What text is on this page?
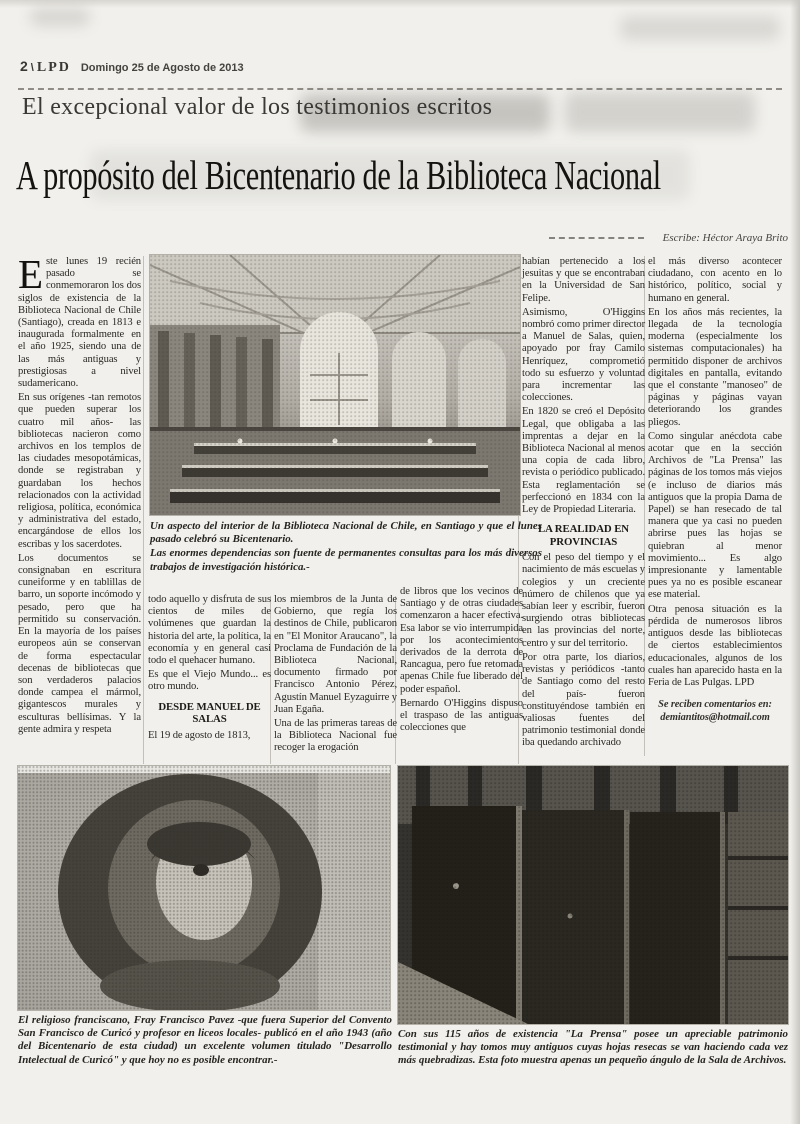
2 \ LPD Domingo 25 de Agosto de 2013
El excepcional valor de los testimonios escritos
A propósito del Bicentenario de la Biblioteca Nacional
Escribe: Héctor Araya Brito

Este lunes 19 recién pasado se conmemoraron los dos siglos de existencia de la Biblioteca Nacional de Chile (Santiago), creada en 1813 e inaugurada formalmente en el año 1925, siendo una de las más antiguas y prestigiosas a nivel sudamericano.

En sus orígenes -tan remotos que pueden superar los cuatro mil años- las bibliotecas nacieron como archivos en los templos de las ciudades mesopotámicas, donde se registraban y guardaban los hechos relacionados con la actividad religiosa, política, económica y administrativa del estado, encargándose de ellos los escribas y los sacerdotes.

Los documentos se consignaban en escritura cuneiforme y en tablillas de barro, un soporte incómodo y pesado, pero que ha permitido su conservación. En la mayoría de los países europeos aún se conservan de forma espectacular decenas de bibliotecas que son verdaderos palacios donde campea el mármol, gigantescos murales y esculturas bellísimas. Y la gente admira y respeta

Un aspecto del interior de la Biblioteca Nacional de Chile, en Santiago y que el lunes pasado celebró su Bicentenario.

Las enormes dependencias son fuente de permanentes consultas para los más diversos trabajos de investigación histórica.-

todo aquello y disfruta de sus cientos de miles de volúmenes que guardan la historia del arte, la política, la economía y en general casi todo el quehacer humano.

Es que el Viejo Mundo... es otro mundo.

DESDE MANUEL DE SALAS

El 19 de agosto de 1813,

los miembros de la Junta de Gobierno, que regía los destinos de Chile, publicaron en "El Monitor Araucano", la Proclama de Fundación de la Biblioteca Nacional, documento firmado por Francisco Antonio Pérez, Agustín Manuel Eyzaguirre y Juan Egaña.

Una de las primeras tareas de la Biblioteca Nacional fue recoger la erogación

de libros que los vecinos de Santiago y de otras ciudades comenzaron a hacer efectiva. Esa labor se vio interrumpida por los acontecimientos derivados de la derrota de Rancagua, pero fue retomada apenas Chile fue liberado del poder español.

Bernardo O'Higgins dispuso el traspaso de las antiguas colecciones que

habían pertenecido a los jesuitas y que se encontraban en la Universidad de San Felipe.

Asimismo, O'Higgins nombró como primer director a Manuel de Salas, quien, apoyado por fray Camilo Henríquez, comprometió todo su esfuerzo y voluntad para incrementar las colecciones.

En 1820 se creó el Depósito Legal, que obligaba a las imprentas a dejar en la Biblioteca Nacional al menos una copia de cada libro, revista o periódico publicado. Esta reglamentación se perfeccionó en 1834 con la Ley de Propiedad Literaria.

LA REALIDAD EN PROVINCIAS

Con el peso del tiempo y el nacimiento de más escuelas y colegios y un creciente número de chilenos que ya sabían leer y escribir, fueron surgiendo otras bibliotecas en las provincias del norte, centro y sur del territorio.

Por otra parte, los diarios, revistas y periódicos -tanto de Santiago como del resto del país- fueron constituyéndose también en valiosas fuentes del patrimonio testimonial donde iba quedando archivado

el más diverso acontecer ciudadano, con acento en lo histórico, político, social y humano en general.

En los años más recientes, la llegada de la tecnología moderna (especialmente los sistemas computacionales) ha permitido disponer de archivos digitales en pantalla, evitando que el constante "manoseo" de páginas y páginas vayan deteriorando los grandes pliegos.

Como singular anécdota cabe acotar que en la sección Archivos de "La Prensa" las páginas de los tomos más viejos (e incluso de diarios más antiguos que la propia Dama de Papel) se han resecado de tal manera que ya casi no pueden abrirse pues las hojas se quiebran al menor movimiento... Es algo impresionante y lamentable pues ya no es posible escanear ese material.

Otra penosa situación es la pérdida de numerosos libros antiguos desde las bibliotecas de ciertos establecimientos educacionales, algunos de los cuales han aparecido hasta en la Feria de Las Pulgas. LPD

Se reciben comentarios en:
demiantitos@hotmail.com
El religioso franciscano, Fray Francisco Pavez -que fuera Superior del Convento San Francisco de Curicó y profesor en liceos locales- publicó en el año 1943 (año del Bicentenario de esta ciudad) un excelente volumen titulado "Desarrollo Intelectual de Curicó" y que hoy no es posible encontrar.-
Con sus 115 años de existencia "La Prensa" posee un apreciable patrimonio testimonial y hay tomos muy antiguos cuyas hojas resecas se van haciendo cada vez más quebradizas. Esta foto muestra apenas un pequeño ángulo de la Sala de Archivos.
